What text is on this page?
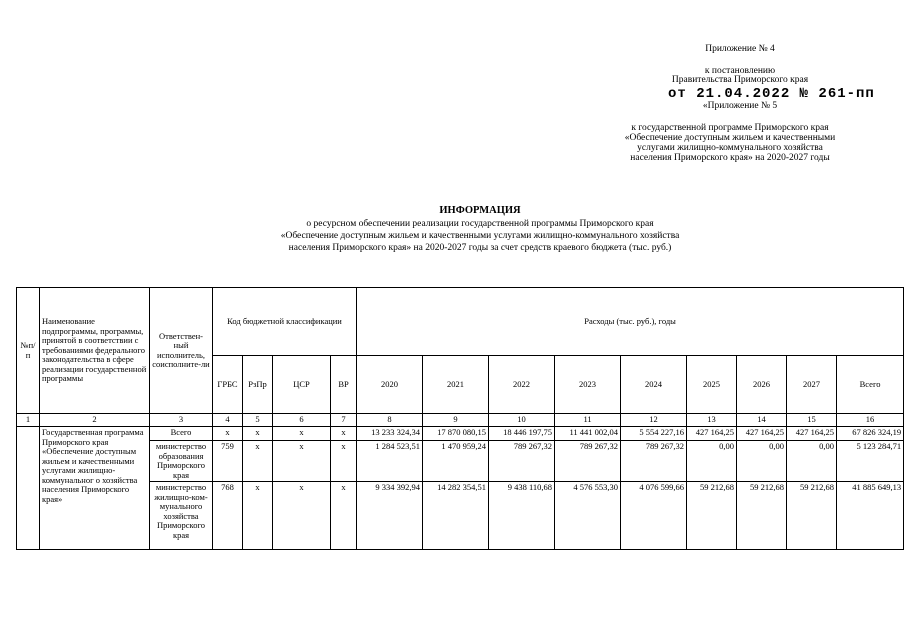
Приложение № 4
к постановлению
Правительства Приморского края
от 21.04.2022 № 261-пп
«Приложение № 5
к государственной программе Приморского края
«Обеспечение доступным жильем и качественными
услугами жилищно-коммунального хозяйства
населения Приморского края» на 2020-2027 годы
ИНФОРМАЦИЯ
о ресурсном обеспечении реализации государственной программы Приморского края
«Обеспечение доступным жильем и качественными услугами жилищно-коммунального хозяйства
населения Приморского края» на 2020-2027 годы за счет средств краевого бюджета (тыс. руб.)
№п/п	Наименование подпрограммы, программы, принятой в соответствии с требованиями федерального законодательства в сфере реализации государственной программы	Ответствен-ный исполнитель, соисполните-ли	Код бюджетной классификации				Расходы (тыс. руб.), годы								
			ГРБС	РзПр	ЦСР	ВР	2020	2021	2022	2023	2024	2025	2026	2027	Всего
1	2	3	4	5	6	7	8	9	10	11	12	13	14	15	16
	Государственная программа Приморского края «Обеспечение доступным жильем и качественными услугами жилищно-коммунальног о хозяйства населения Приморского края»	Всего	x	x	x	x	13 233 324,34	17 870 080,15	18 446 197,75	11 441 002,04	5 554 227,16	427 164,25	427 164,25	427 164,25	67 826 324,19
		министерство образования Приморского края	759	x	x	x	1 284 523,51	1 470 959,24	789 267,32	789 267,32	789 267,32	0,00	0,00	0,00	5 123 284,71
		министерство жилищно-ком-мунального хозяйства Приморского края	768	x	x	x	9 334 392,94	14 282 354,51	9 438 110,68	4 576 553,30	4 076 599,66	59 212,68	59 212,68	59 212,68	41 885 649,13
